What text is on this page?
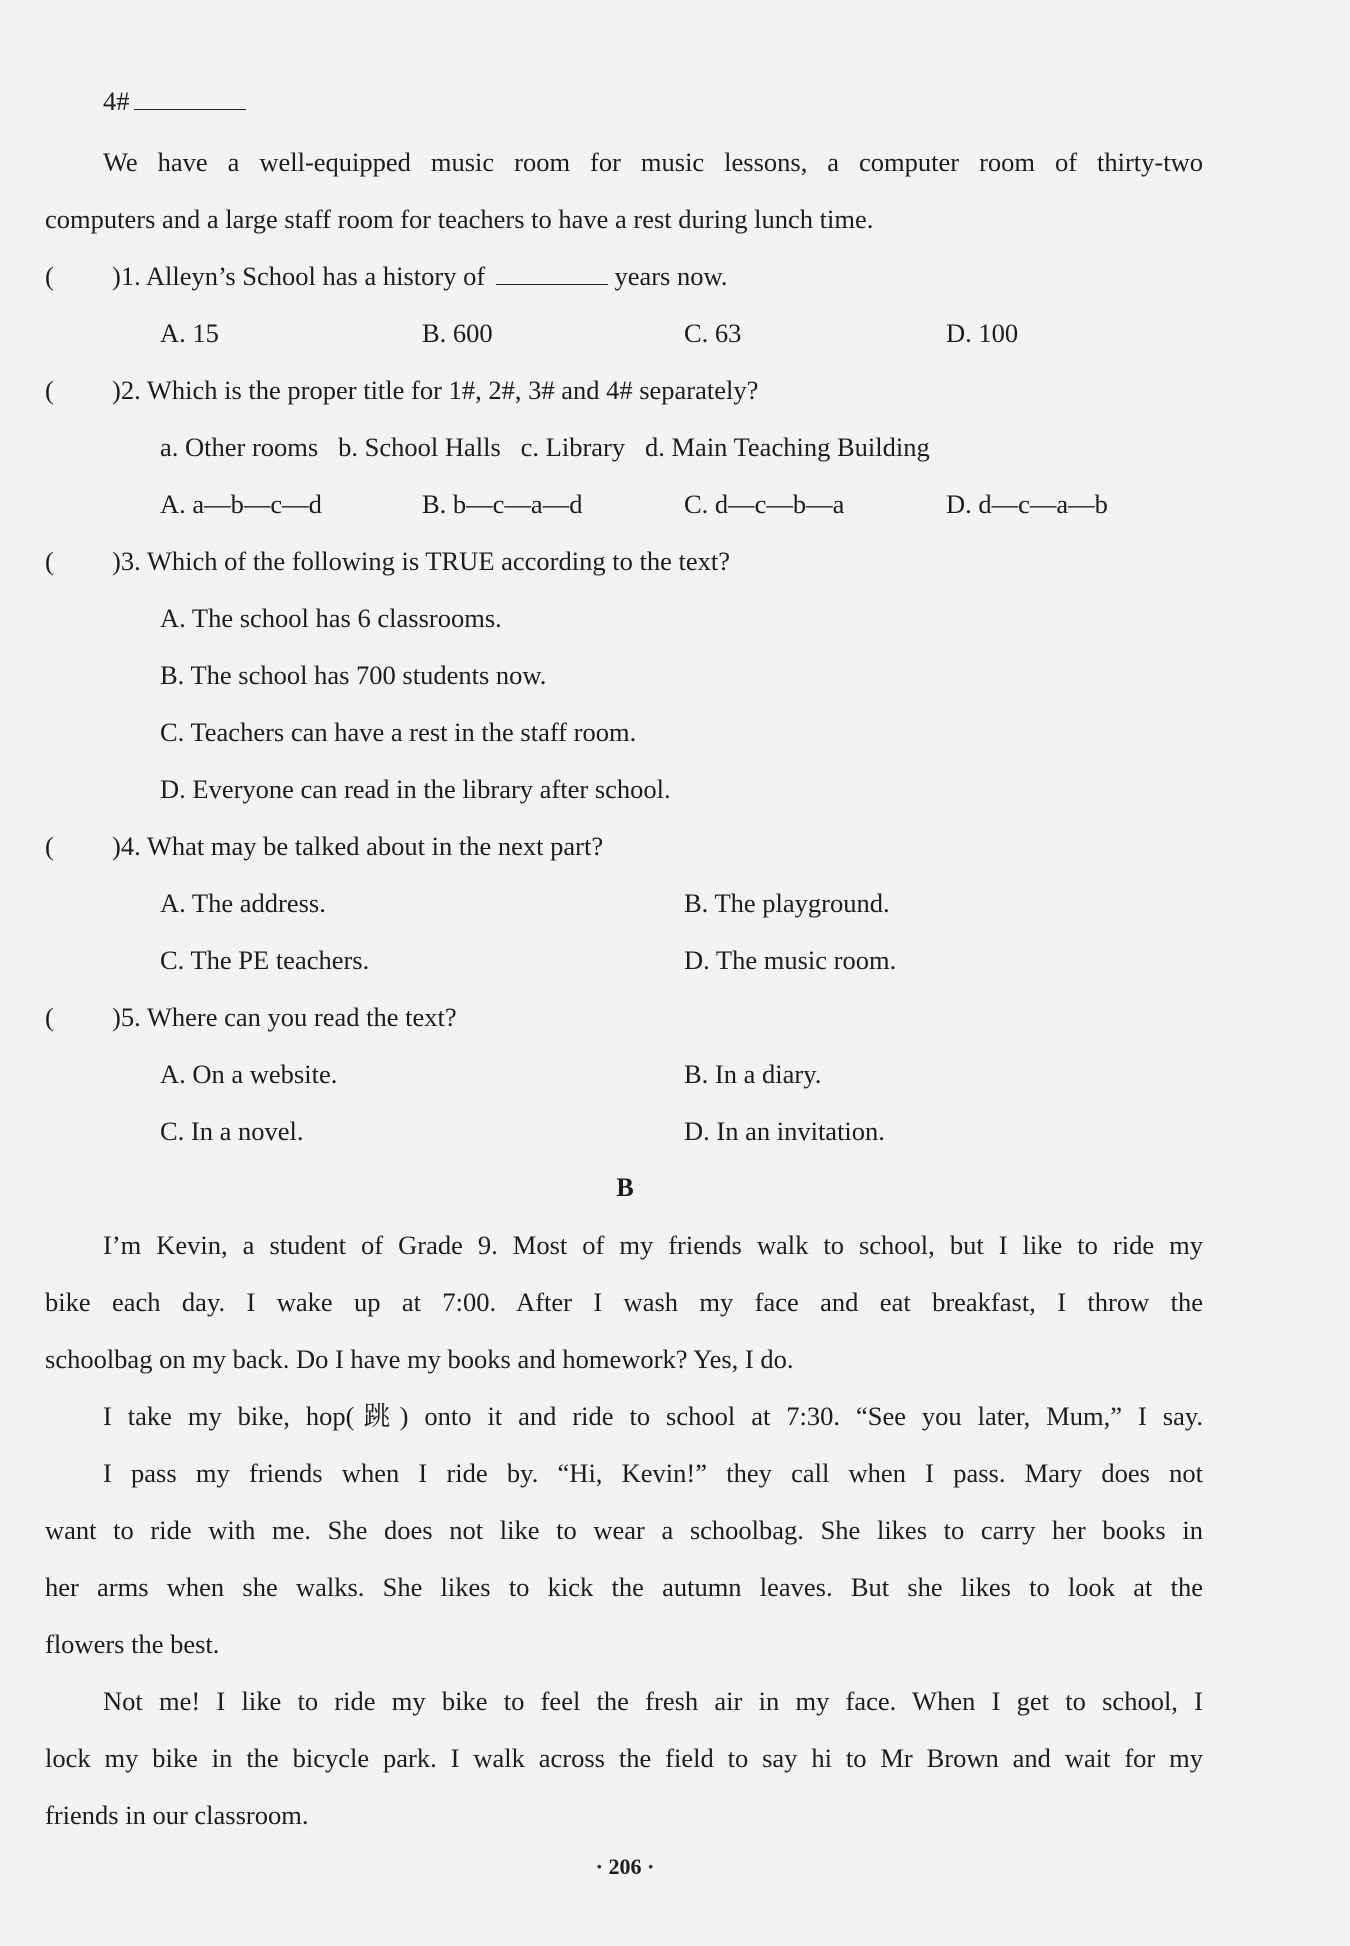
4#
We have a well-equipped music room for music lessons, a computer room of thirty-two
computers and a large staff room for teachers to have a rest during lunch time.
( )1. Alleyn’s School has a history of	years now.
A. 15	B. 600	C. 63	D. 100
( )2. Which is the proper title for 1#, 2#, 3# and 4# separately?
a. Other rooms   b. School Halls   c. Library   d. Main Teaching Building
A. a—b—c—d	B. b—c—a—d	C. d—c—b—a	D. d—c—a—b
( )3. Which of the following is TRUE according to the text?
A. The school has 6 classrooms.
B. The school has 700 students now.
C. Teachers can have a rest in the staff room.
D. Everyone can read in the library after school.
( )4. What may be talked about in the next part?
A. The address.	B. The playground.
C. The PE teachers.	D. The music room.
( )5. Where can you read the text?
A. On a website.	B. In a diary.
C. In a novel.	D. In an invitation.
B
I’m Kevin, a student of Grade 9. Most of my friends walk to school, but I like to ride my
bike each day. I wake up at 7:00. After I wash my face and eat breakfast, I throw the
schoolbag on my back. Do I have my books and homework? Yes, I do.
I take my bike, hop(跳) onto it and ride to school at 7:30. “See you later, Mum,” I say.
I pass my friends when I ride by. “Hi, Kevin!” they call when I pass. Mary does not
want to ride with me. She does not like to wear a schoolbag. She likes to carry her books in
her arms when she walks. She likes to kick the autumn leaves. But she likes to look at the
flowers the best.
Not me! I like to ride my bike to feel the fresh air in my face. When I get to school, I
lock my bike in the bicycle park. I walk across the field to say hi to Mr Brown and wait for my
friends in our classroom.
· 206 ·
